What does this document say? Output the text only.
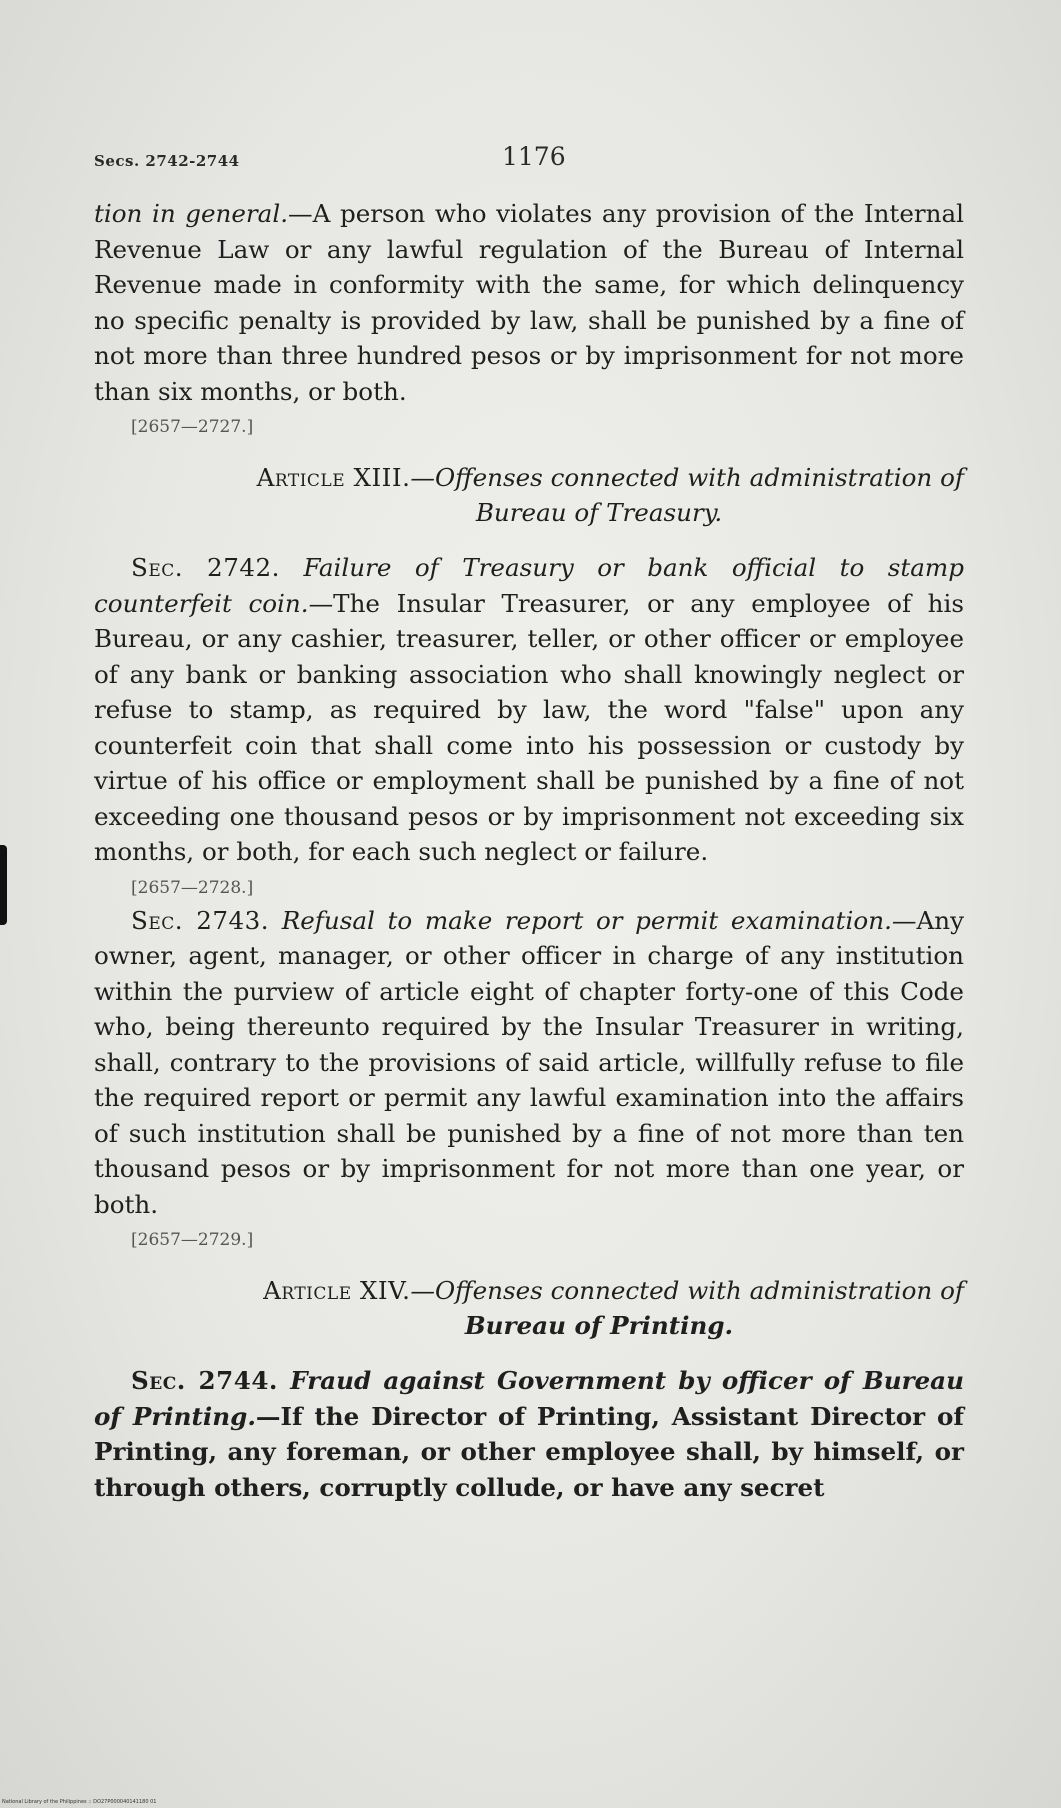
Secs. 2742-2744	1176

tion in general.—A person who violates any provision of the Internal Revenue Law or any lawful regulation of the Bureau of Internal Revenue made in conformity with the same, for which delinquency no specific penalty is provided by law, shall be punished by a fine of not more than three hundred pesos or by imprisonment for not more than six months, or both.

[2657—2727.]
Article XIII.—Offenses connected with administration of
Bureau of Treasury.

Sec. 2742. Failure of Treasury or bank official to stamp counterfeit coin.—The Insular Treasurer, or any employee of his Bureau, or any cashier, treasurer, teller, or other officer or employee of any bank or banking association who shall knowingly neglect or refuse to stamp, as required by law, the word "false" upon any counterfeit coin that shall come into his possession or custody by virtue of his office or employment shall be punished by a fine of not exceeding one thousand pesos or by imprisonment not exceeding six months, or both, for each such neglect or failure.

[2657—2728.]

Sec. 2743. Refusal to make report or permit examination.—Any owner, agent, manager, or other officer in charge of any institution within the purview of article eight of chapter forty-one of this Code who, being thereunto required by the Insular Treasurer in writing, shall, contrary to the provisions of said article, willfully refuse to file the required report or permit any lawful examination into the affairs of such institution shall be punished by a fine of not more than ten thousand pesos or by imprisonment for not more than one year, or both.

[2657—2729.]
Article XIV.—Offenses connected with administration of
Bureau of Printing.

Sec. 2744. Fraud against Government by officer of Bureau of Printing.—If the Director of Printing, Assistant Director of Printing, any foreman, or other employee shall, by himself, or through others, corruptly collude, or have any secret

National Library of the Philippines :: DO27P000040141180 01
